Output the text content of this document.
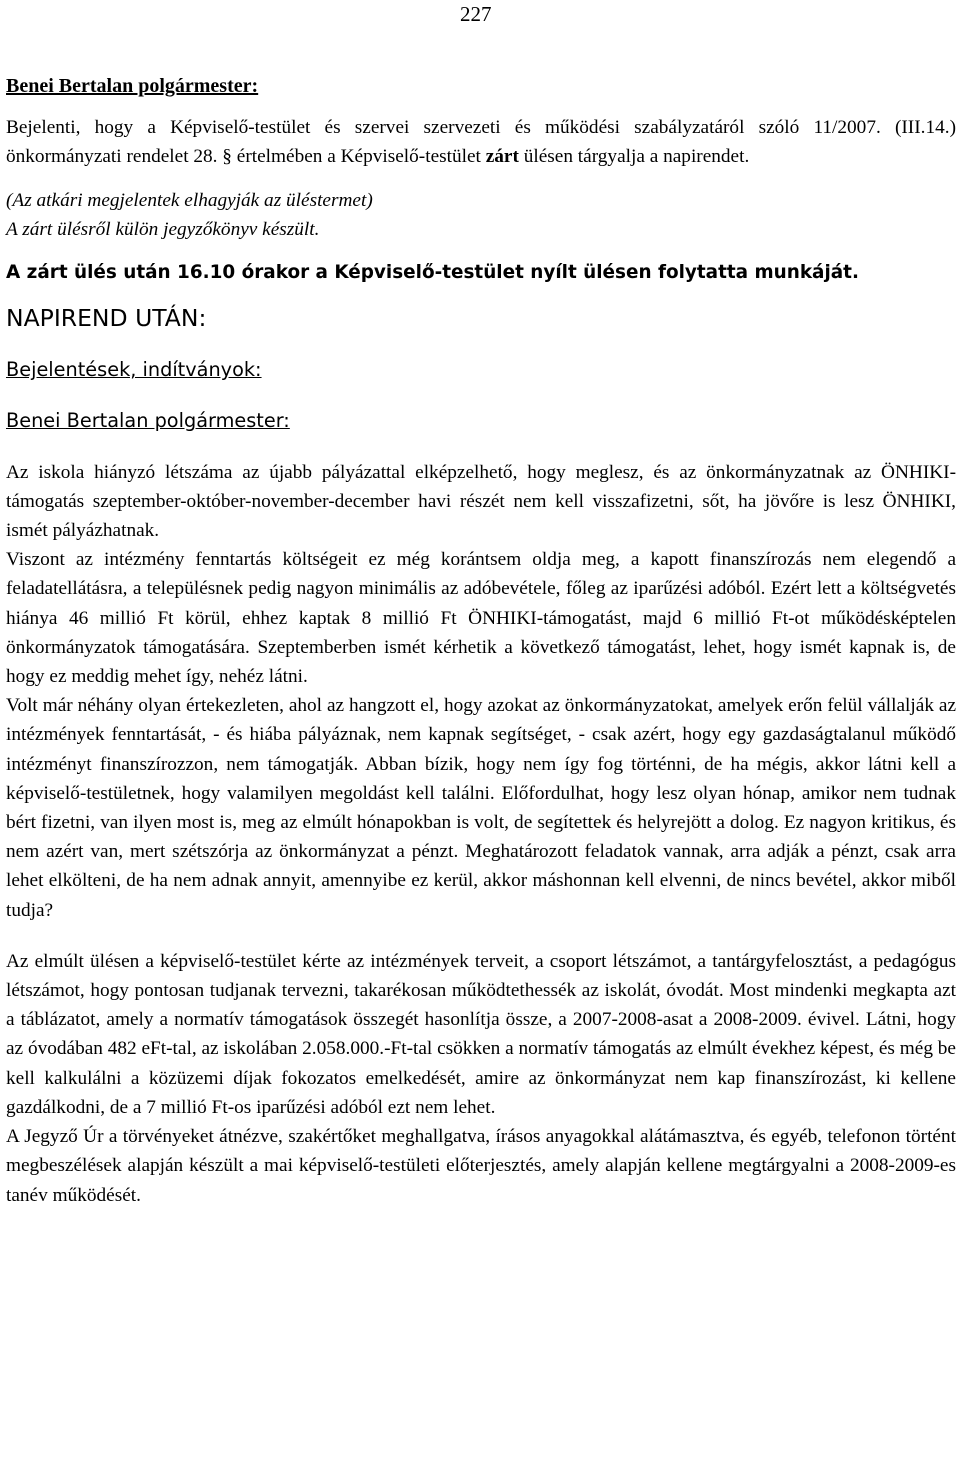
227

Benei Bertalan polgármester:

Bejelenti, hogy a Képviselő-testület és szervei szervezeti és működési szabályzatáról szóló 11/2007. (III.14.) önkormányzati rendelet 28. § értelmében a Képviselő-testület zárt ülésen tárgyalja a napirendet.

(Az atkári megjelentek elhagyják az üléstermet)

A zárt ülésről külön jegyzőkönyv készült.

A zárt ülés után 16.10 órakor a Képviselő-testület nyílt ülésen folytatta munkáját.

NAPIREND UTÁN:

Bejelentések, indítványok:

Benei Bertalan polgármester:

Az iskola hiányzó létszáma az újabb pályázattal elképzelhető, hogy meglesz, és az önkormányzatnak az ÖNHIKI-támogatás szeptember-október-november-december havi részét nem kell visszafizetni, sőt, ha jövőre is lesz ÖNHIKI, ismét pályázhatnak.

Viszont az intézmény fenntartás költségeit ez még korántsem oldja meg, a kapott finanszírozás nem elegendő a feladatellátásra, a településnek pedig nagyon minimális az adóbevétele, főleg az iparűzési adóból. Ezért lett a költségvetés hiánya 46 millió Ft körül, ehhez kaptak 8 millió Ft ÖNHIKI-támogatást, majd 6 millió Ft-ot működésképtelen önkormányzatok támogatására. Szeptemberben ismét kérhetik a következő támogatást, lehet, hogy ismét kapnak is, de hogy ez meddig mehet így, nehéz látni.

Volt már néhány olyan értekezleten, ahol az hangzott el, hogy azokat az önkormányzatokat, amelyek erőn felül vállalják az intézmények fenntartását, - és hiába pályáznak, nem kapnak segítséget, - csak azért, hogy egy gazdaságtalanul működő intézményt finanszírozzon, nem támogatják. Abban bízik, hogy nem így fog történni, de ha mégis, akkor látni kell a képviselő-testületnek, hogy valamilyen megoldást kell találni. Előfordulhat, hogy lesz olyan hónap, amikor nem tudnak bért fizetni, van ilyen most is, meg az elmúlt hónapokban is volt, de segítettek és helyrejött a dolog. Ez nagyon kritikus, és nem azért van, mert szétszórja az önkormányzat a pénzt. Meghatározott feladatok vannak, arra adják a pénzt, csak arra lehet elkölteni, de ha nem adnak annyit, amennyibe ez kerül, akkor máshonnan kell elvenni, de nincs bevétel, akkor miből tudja?

Az elmúlt ülésen a képviselő-testület kérte az intézmények terveit, a csoport létszámot, a tantárgyfelosztást, a pedagógus létszámot, hogy pontosan tudjanak tervezni, takarékosan működtethessék az iskolát, óvodát. Most mindenki megkapta azt a táblázatot, amely a normatív támogatások összegét hasonlítja össze, a 2007-2008-asat a 2008-2009. évivel. Látni, hogy az óvodában 482 eFt-tal, az iskolában 2.058.000.-Ft-tal csökken a normatív támogatás az elmúlt évekhez képest, és még be kell kalkulálni a közüzemi díjak fokozatos emelkedését, amire az önkormányzat nem kap finanszírozást, ki kellene gazdálkodni, de a 7 millió Ft-os iparűzési adóból ezt nem lehet.

A Jegyző Úr a törvényeket átnézve, szakértőket meghallgatva, írásos anyagokkal alátámasztva, és egyéb, telefonon történt megbeszélések alapján készült a mai képviselő-testületi előterjesztés, amely alapján kellene megtárgyalni a 2008-2009-es tanév működését.
